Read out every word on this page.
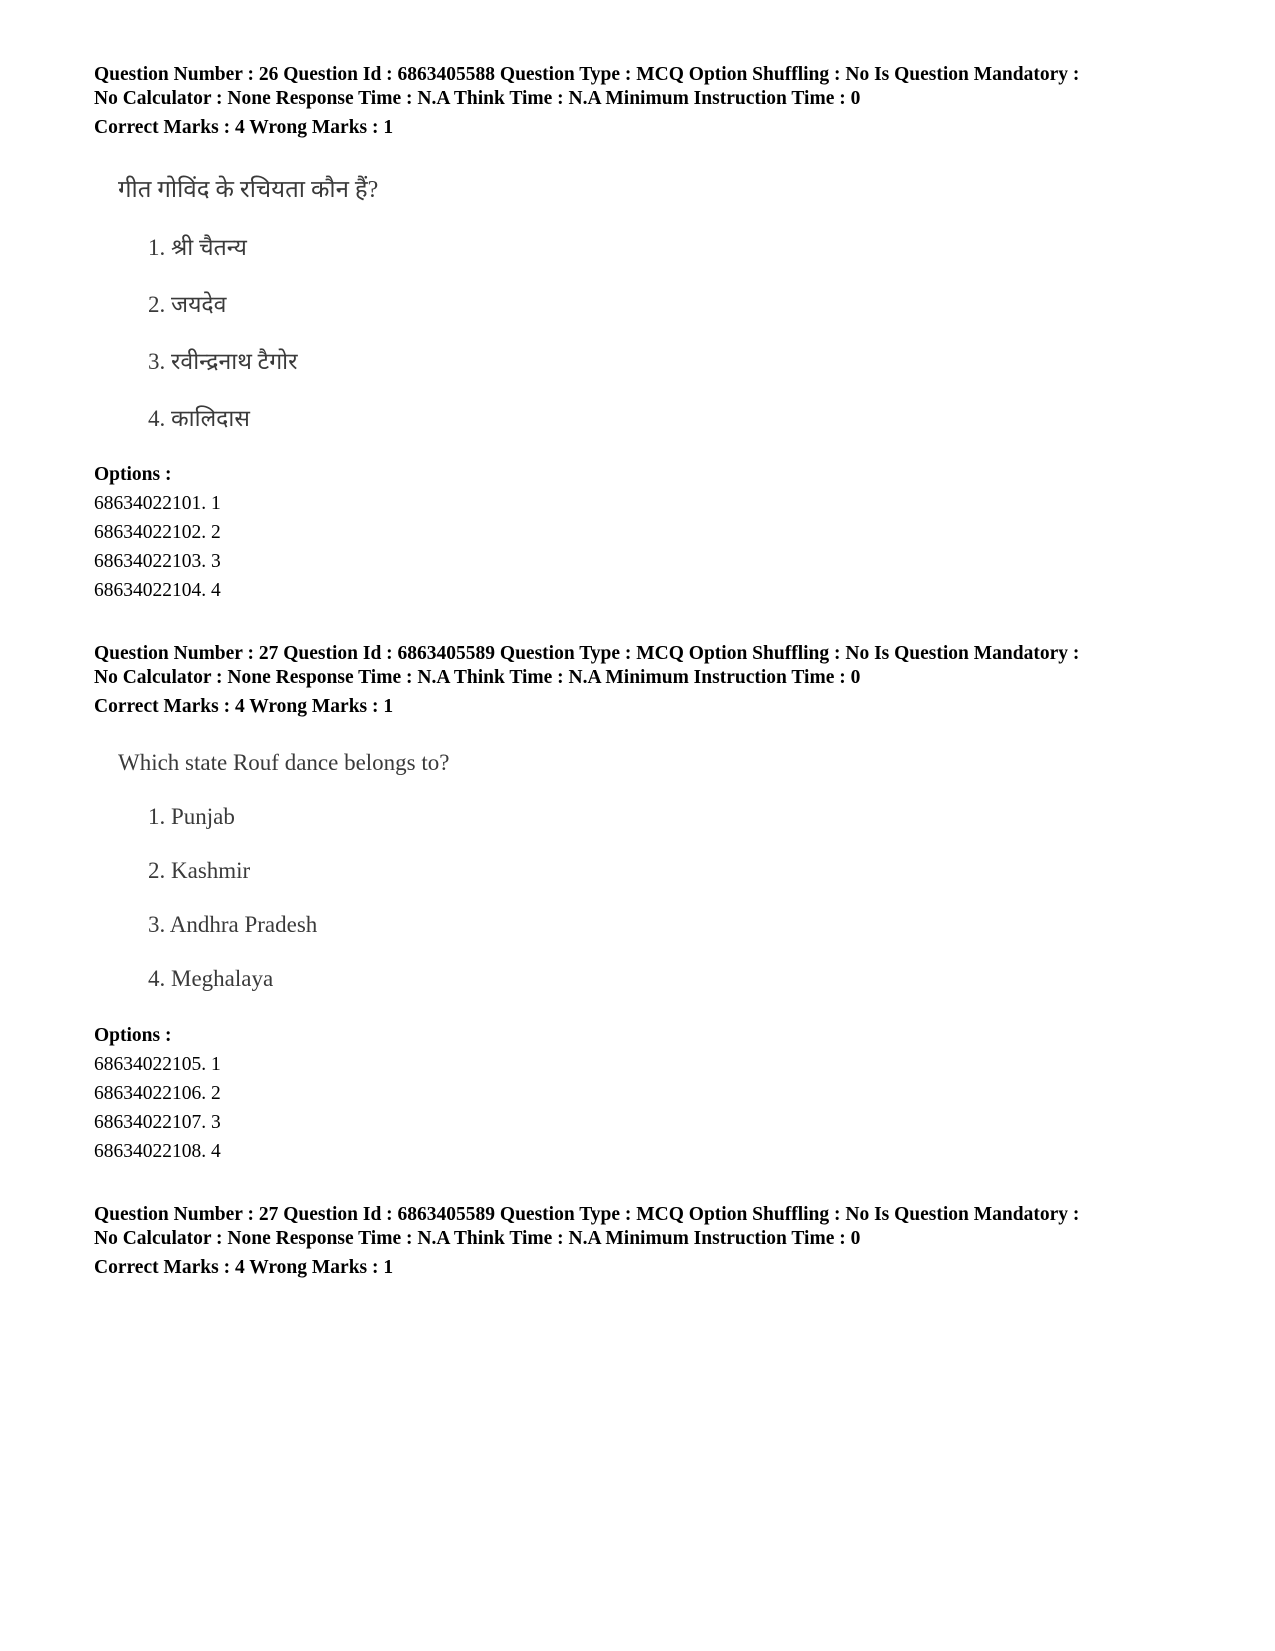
Question Number : 26 Question Id : 6863405588 Question Type : MCQ Option Shuffling : No Is Question Mandatory :

No Calculator : None Response Time : N.A Think Time : N.A Minimum Instruction Time : 0

Correct Marks : 4 Wrong Marks : 1
गीत गोविंद के रचियता कौन हैं?
1. श्री चैतन्य
2. जयदेव
3. रवीन्द्रनाथ टैगोर
4. कालिदास
Options :
68634022101. 1
68634022102. 2
68634022103. 3
68634022104. 4

Question Number : 27 Question Id : 6863405589 Question Type : MCQ Option Shuffling : No Is Question Mandatory :

No Calculator : None Response Time : N.A Think Time : N.A Minimum Instruction Time : 0

Correct Marks : 4 Wrong Marks : 1
Which state Rouf dance belongs to?
1. Punjab
2. Kashmir
3. Andhra Pradesh
4. Meghalaya
Options :
68634022105. 1
68634022106. 2
68634022107. 3
68634022108. 4

Question Number : 27 Question Id : 6863405589 Question Type : MCQ Option Shuffling : No Is Question Mandatory :

No Calculator : None Response Time : N.A Think Time : N.A Minimum Instruction Time : 0

Correct Marks : 4 Wrong Marks : 1
